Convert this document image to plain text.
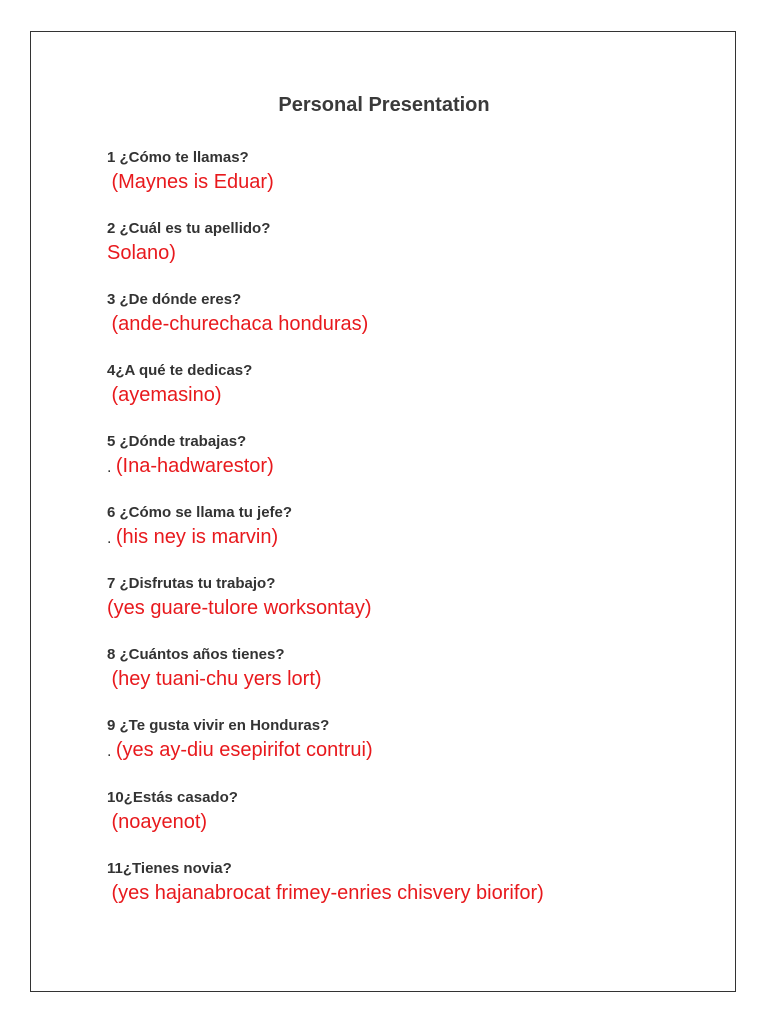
Personal Presentation
1 ¿Cómo te llamas?
(Maynes is Eduar)
2 ¿Cuál es tu apellido?
Solano)
3 ¿De dónde eres?
(ande-churechaca honduras)
4¿A qué te dedicas?
(ayemasino)
5 ¿Dónde trabajas?
. (Ina-hadwarestor)
6 ¿Cómo se llama tu jefe?
. (his ney is marvin)
7 ¿Disfrutas tu trabajo?
(yes guare-tulore worksontay)
8 ¿Cuántos años tienes?
(hey tuani-chu yers lort)
9 ¿Te gusta vivir en Honduras?
. (yes ay-diu esepirifot contrui)
10¿Estás casado?
(noayenot)
11¿Tienes novia?
(yes hajanabrocat frimey-enries chisvery biorifor)
